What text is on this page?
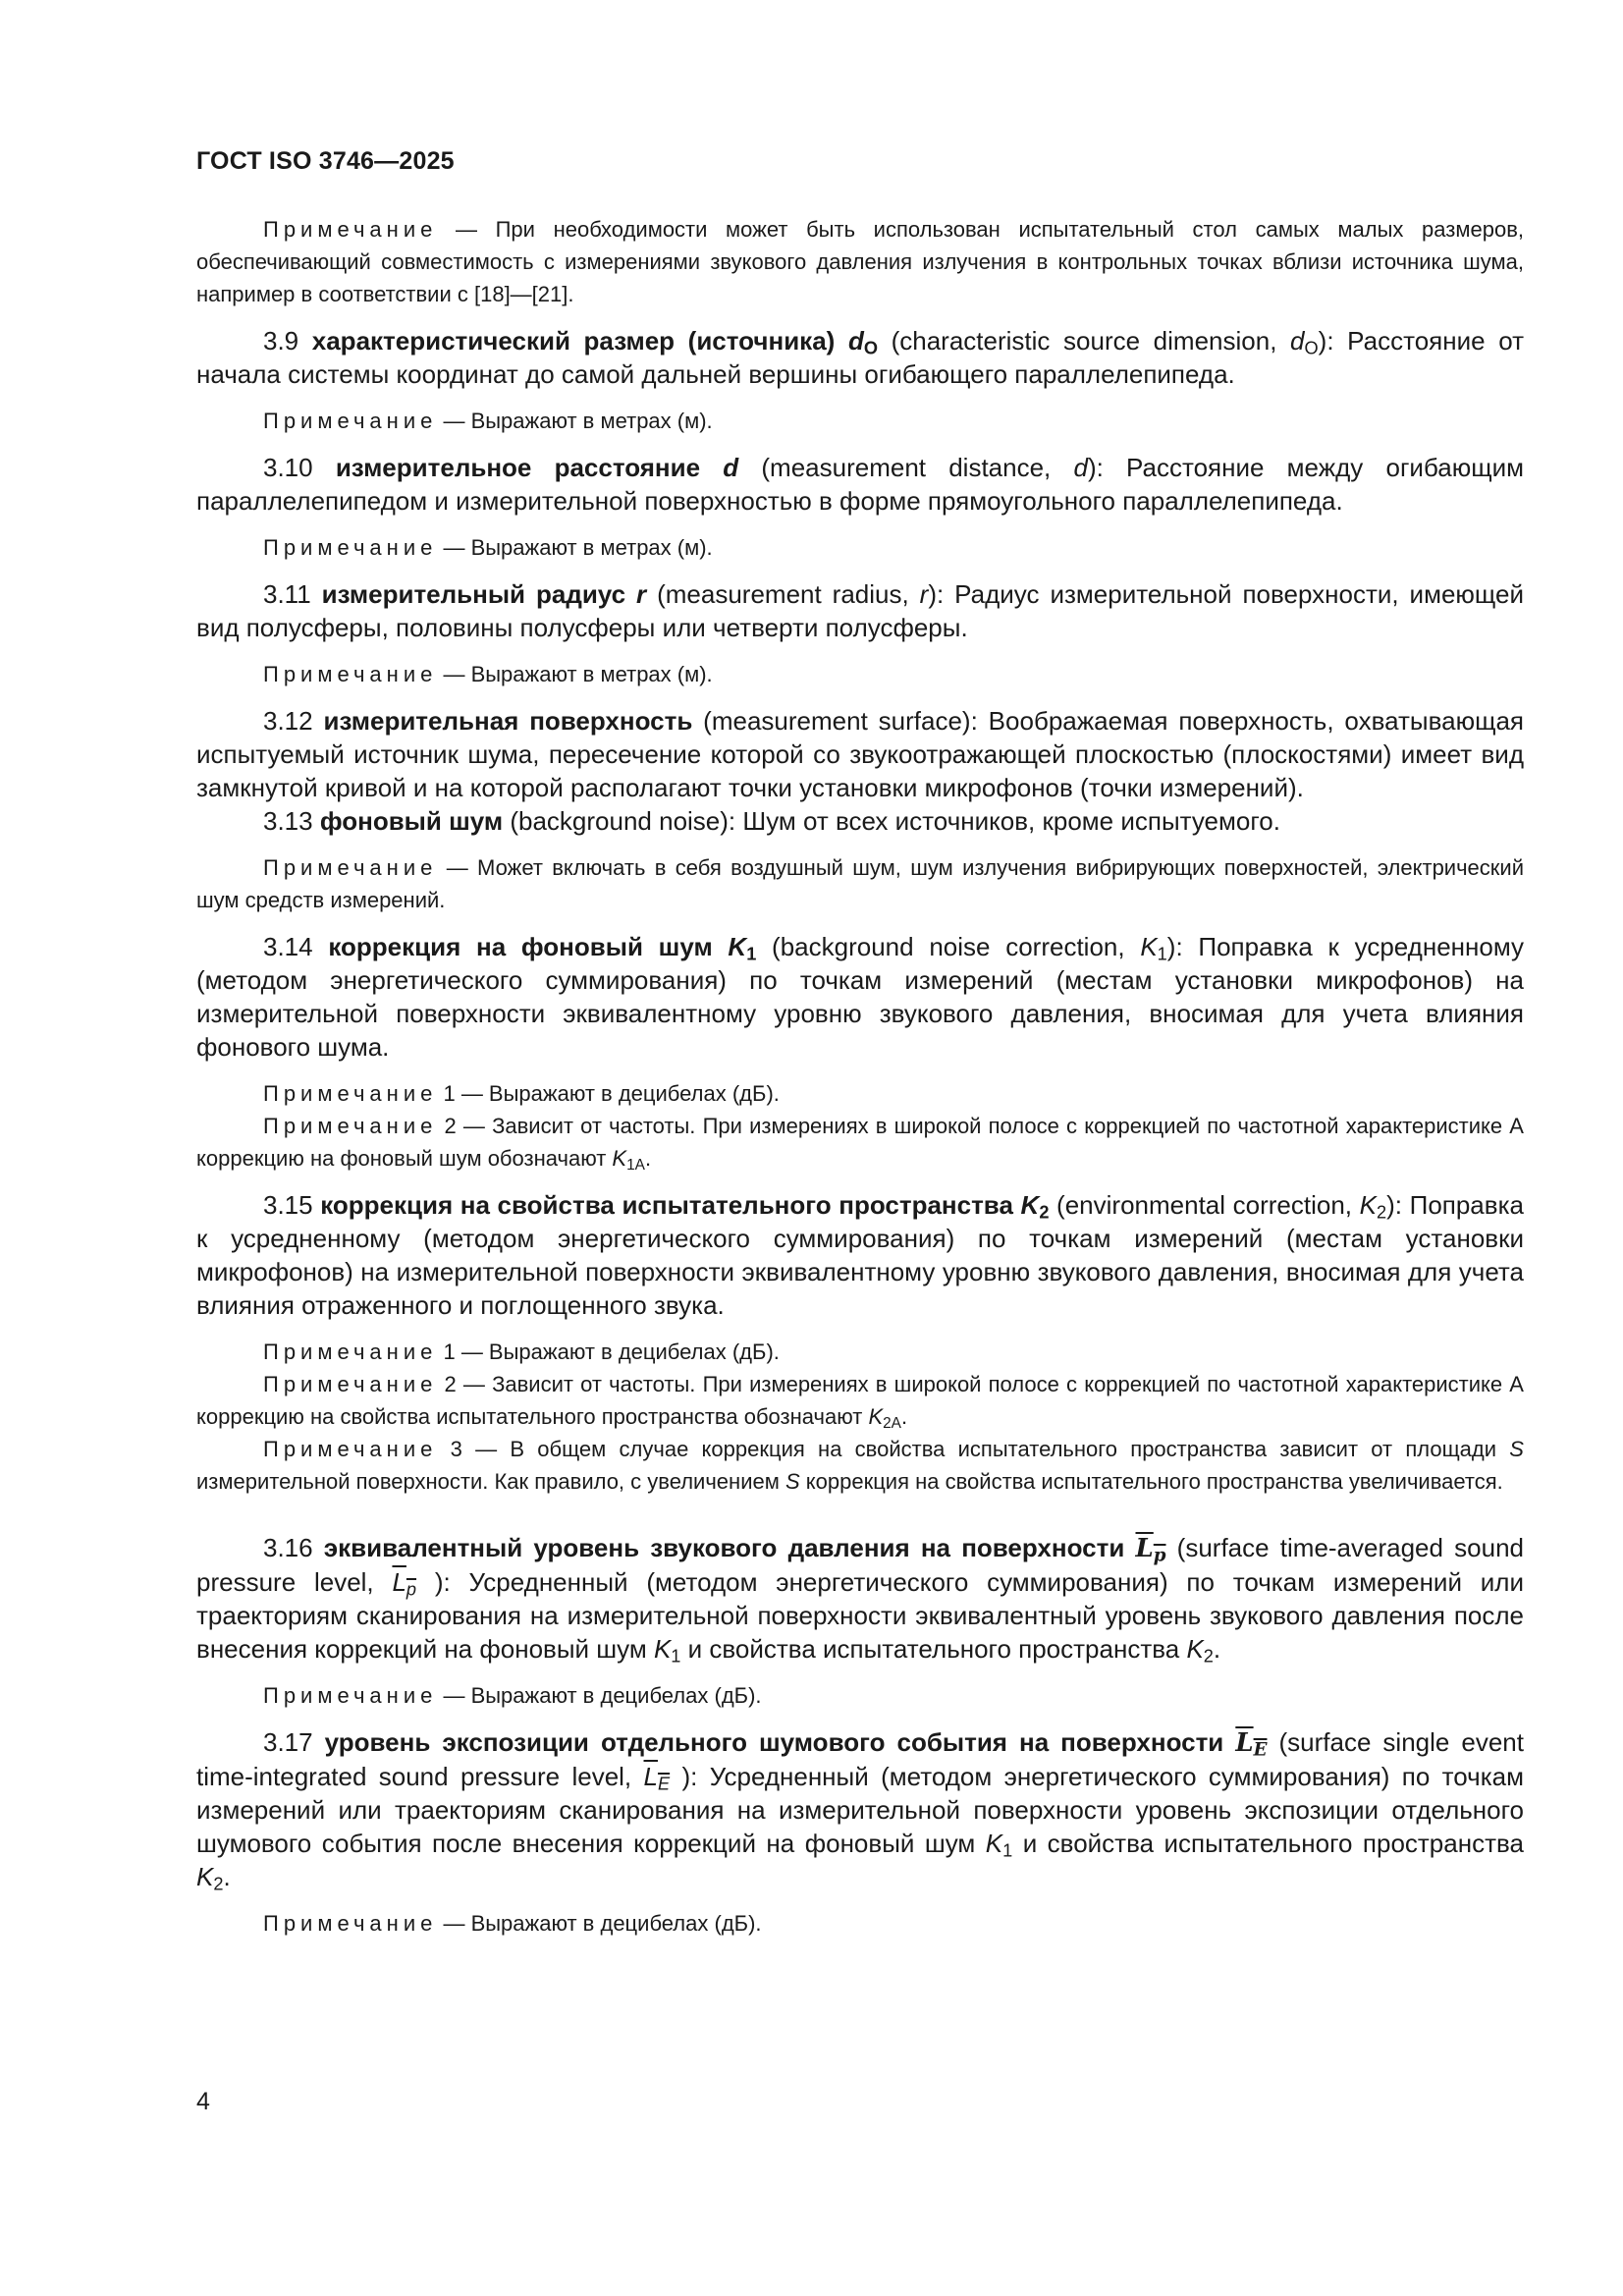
ГОСТ ISO 3746—2025

Примечание — При необходимости может быть использован испытательный стол самых малых размеров, обеспечивающий совместимость с измерениями звукового давления излучения в контрольных точках вблизи источника шума, например в соответствии с [18]—[21].

3.9 характеристический размер (источника) $d_O$ (characteristic source dimension, $d_O$): Расстояние от начала системы координат до самой дальней вершины огибающего параллелепипеда.

Примечание — Выражают в метрах (м).

3.10 измерительное расстояние d (measurement distance, d): Расстояние между огибающим параллелепипедом и измерительной поверхностью в форме прямоугольного параллелепипеда.

Примечание — Выражают в метрах (м).

3.11 измерительный радиус r (measurement radius, r): Радиус измерительной поверхности, имеющей вид полусферы, половины полусферы или четверти полусферы.

Примечание — Выражают в метрах (м).

3.12 измерительная поверхность (measurement surface): Воображаемая поверхность, охватывающая испытуемый источник шума, пересечение которой со звукоотражающей плоскостью (плоскостями) имеет вид замкнутой кривой и на которой располагают точки установки микрофонов (точки измерений).

3.13 фоновый шум (background noise): Шум от всех источников, кроме испытуемого.

Примечание — Может включать в себя воздушный шум, шум излучения вибрирующих поверхностей, электрический шум средств измерений.

3.14 коррекция на фоновый шум $K_1$ (background noise correction, $K_1$): Поправка к усредненному (методом энергетического суммирования) по точкам измерений (местам установки микрофонов) на измерительной поверхности эквивалентному уровню звукового давления, вносимая для учета влияния фонового шума.

Примечание 1 — Выражают в децибелах (дБ).

Примечание 2 — Зависит от частоты. При измерениях в широкой полосе с коррекцией по частотной характеристике А коррекцию на фоновый шум обозначают $K_{1A}$.

3.15 коррекция на свойства испытательного пространства $K_2$ (environmental correction, $K_2$): Поправка к усредненному (методом энергетического суммирования) по точкам измерений (местам установки микрофонов) на измерительной поверхности эквивалентному уровню звукового давления, вносимая для учета влияния отраженного и поглощенного звука.

Примечание 1 — Выражают в децибелах (дБ).

Примечание 2 — Зависит от частоты. При измерениях в широкой полосе с коррекцией по частотной характеристике А коррекцию на свойства испытательного пространства обозначают $K_{2A}$.

Примечание 3 — В общем случае коррекция на свойства испытательного пространства зависит от площади S измерительной поверхности. Как правило, с увеличением S коррекция на свойства испытательного пространства увеличивается.

3.16 эквивалентный уровень звукового давления на поверхности $L_p$ (surface time-averaged sound pressure level, $L_p$ ): Усредненный (методом энергетического суммирования) по точкам измерений или траекториям сканирования на измерительной поверхности эквивалентный уровень звукового давления после внесения коррекций на фоновый шум $K_1$ и свойства испытательного пространства $K_2$.

Примечание — Выражают в децибелах (дБ).

3.17 уровень экспозиции отдельного шумового события на поверхности $L_E$ (surface single event time-integrated sound pressure level, $L_E$ ): Усредненный (методом энергетического суммирования) по точкам измерений или траекториям сканирования на измерительной поверхности уровень экспозиции отдельного шумового события после внесения коррекций на фоновый шум $K_1$ и свойства испытательного пространства $K_2$.

Примечание — Выражают в децибелах (дБ).

4
